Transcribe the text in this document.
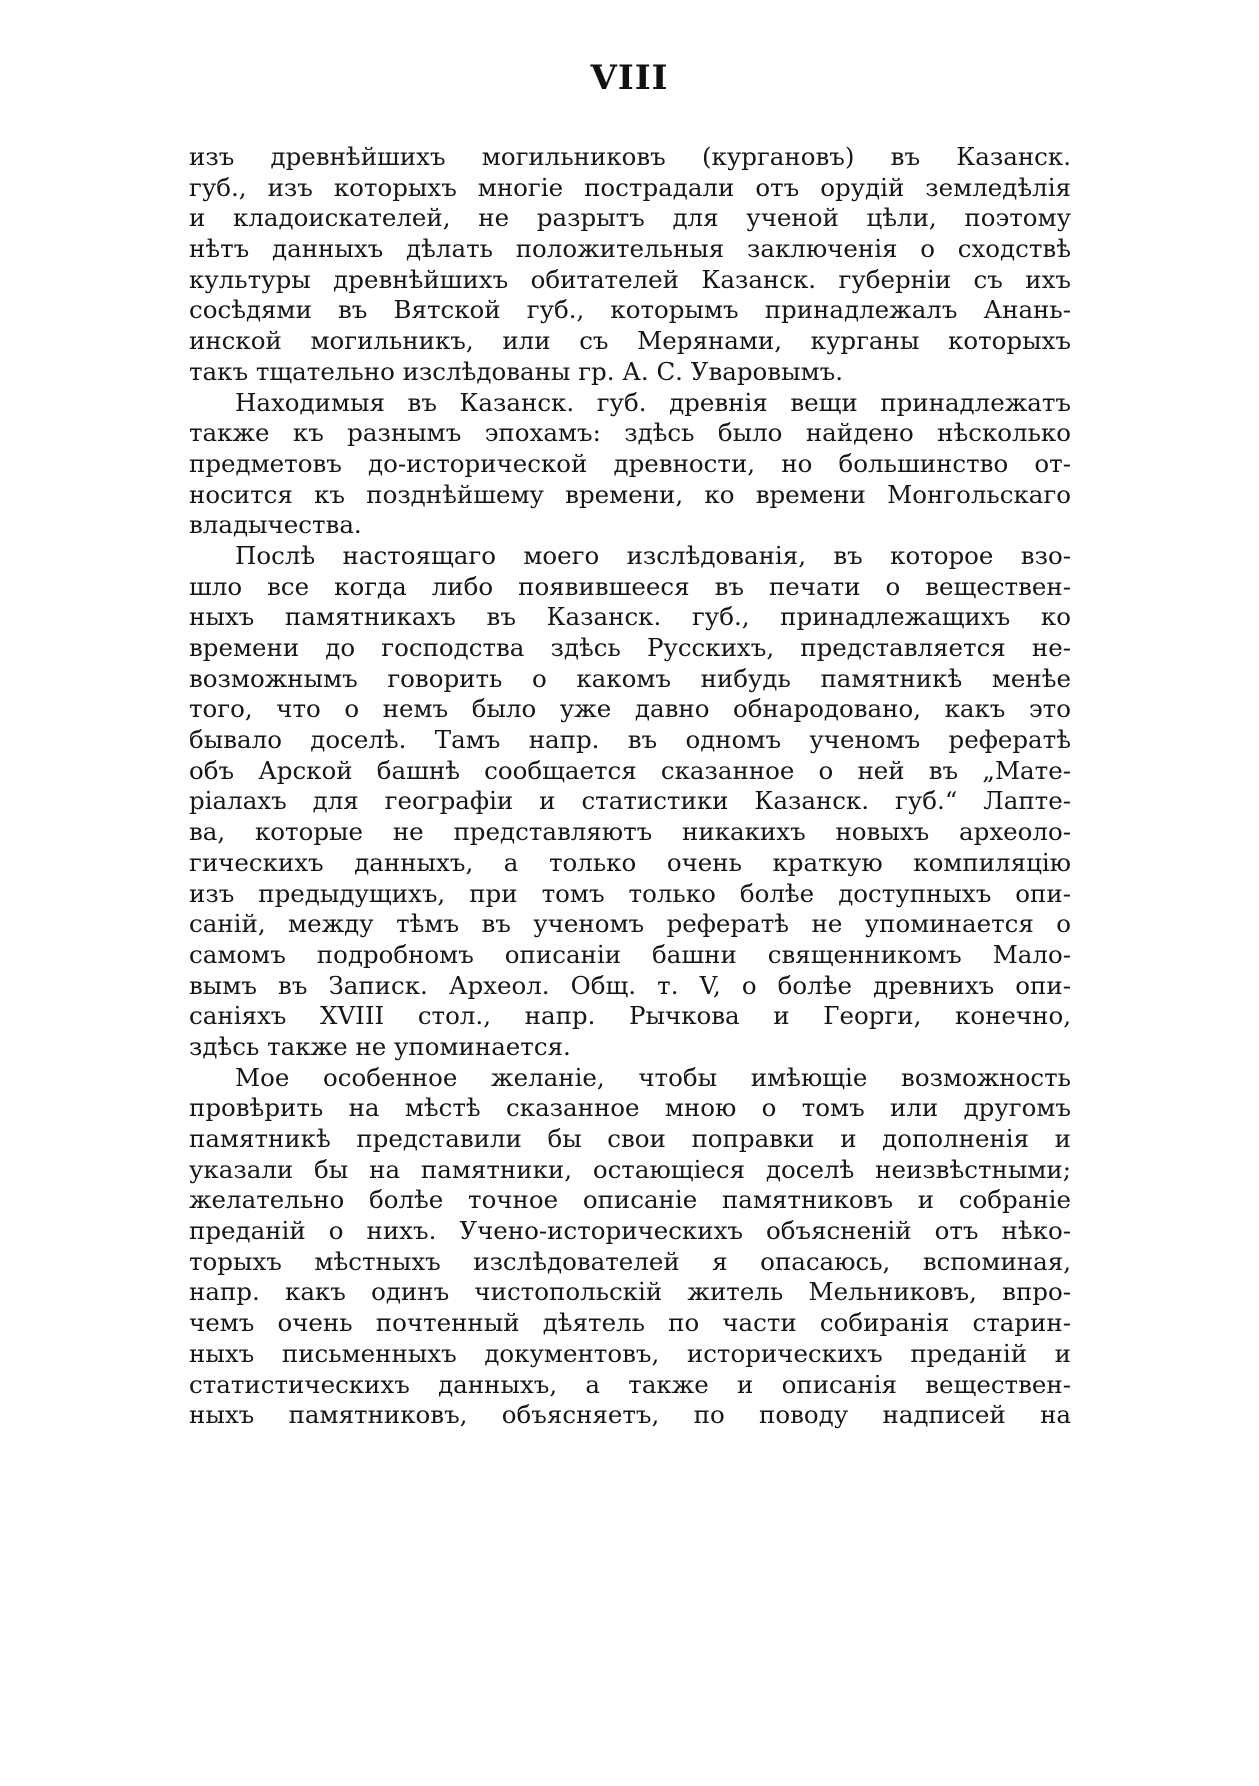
VIII
изъ древнѣйшихъ могильниковъ (кургановъ) въ Казанск.
губ., изъ которыхъ многіе пострадали отъ орудій земледѣлія
и кладоискателей, не разрытъ для ученой цѣли, поэтому
нѣтъ данныхъ дѣлать положительныя заключенія о сходствѣ
культуры древнѣйшихъ обитателей Казанск. губерніи съ ихъ
сосѣдями въ Вятской губ., которымъ принадлежалъ Анань-
инской могильникъ, или съ Мерянами, курганы которыхъ
такъ тщательно изслѣдованы гр. А. С. Уваровымъ.
Находимыя въ Казанск. губ. древнія вещи принадлежатъ
также къ разнымъ эпохамъ: здѣсь было найдено нѣсколько
предметовъ до-исторической древности, но большинство от-
носится къ позднѣйшему времени, ко времени Монгольскаго
владычества.
Послѣ настоящаго моего изслѣдованія, въ которое взо-
шло все когда либо появившееся въ печати о веществен-
ныхъ памятникахъ въ Казанск. губ., принадлежащихъ ко
времени до господства здѣсь Русскихъ, представляется не-
возможнымъ говорить о какомъ нибудь памятникѣ менѣе
того, что о немъ было уже давно обнародовано, какъ это
бывало доселѣ. Тамъ напр. въ одномъ ученомъ рефератѣ
объ Арской башнѣ сообщается сказанное о ней въ „Мате-
ріалахъ для географіи и статистики Казанск. губ.“ Лапте-
ва, которые не представляютъ никакихъ новыхъ археоло-
гическихъ данныхъ, а только очень краткую компиляцію
изъ предыдущихъ, при томъ только болѣе доступныхъ опи-
саній, между тѣмъ въ ученомъ рефератѣ не упоминается о
самомъ подробномъ описаніи башни священникомъ Мало-
вымъ въ Записк. Археол. Общ. т. V, о болѣе древнихъ опи-
саніяхъ XVIII стол., напр. Рычкова и Георги, конечно,
здѣсь также не упоминается.
Мое особенное желаніе, чтобы имѣющіе возможность
провѣрить на мѣстѣ сказанное мною о томъ или другомъ
памятникѣ представили бы свои поправки и дополненія и
указали бы на памятники, остающіеся доселѣ неизвѣстными;
желательно болѣе точное описаніе памятниковъ и собраніе
преданій о нихъ. Учено-историческихъ объясненій отъ нѣко-
торыхъ мѣстныхъ изслѣдователей я опасаюсь, вспоминая,
напр. какъ одинъ чистопольскій житель Мельниковъ, впро-
чемъ очень почтенный дѣятель по части собиранія старин-
ныхъ письменныхъ документовъ, историческихъ преданій и
статистическихъ данныхъ, а также и описанія веществен-
ныхъ памятниковъ, объясняетъ, по поводу надписей на
